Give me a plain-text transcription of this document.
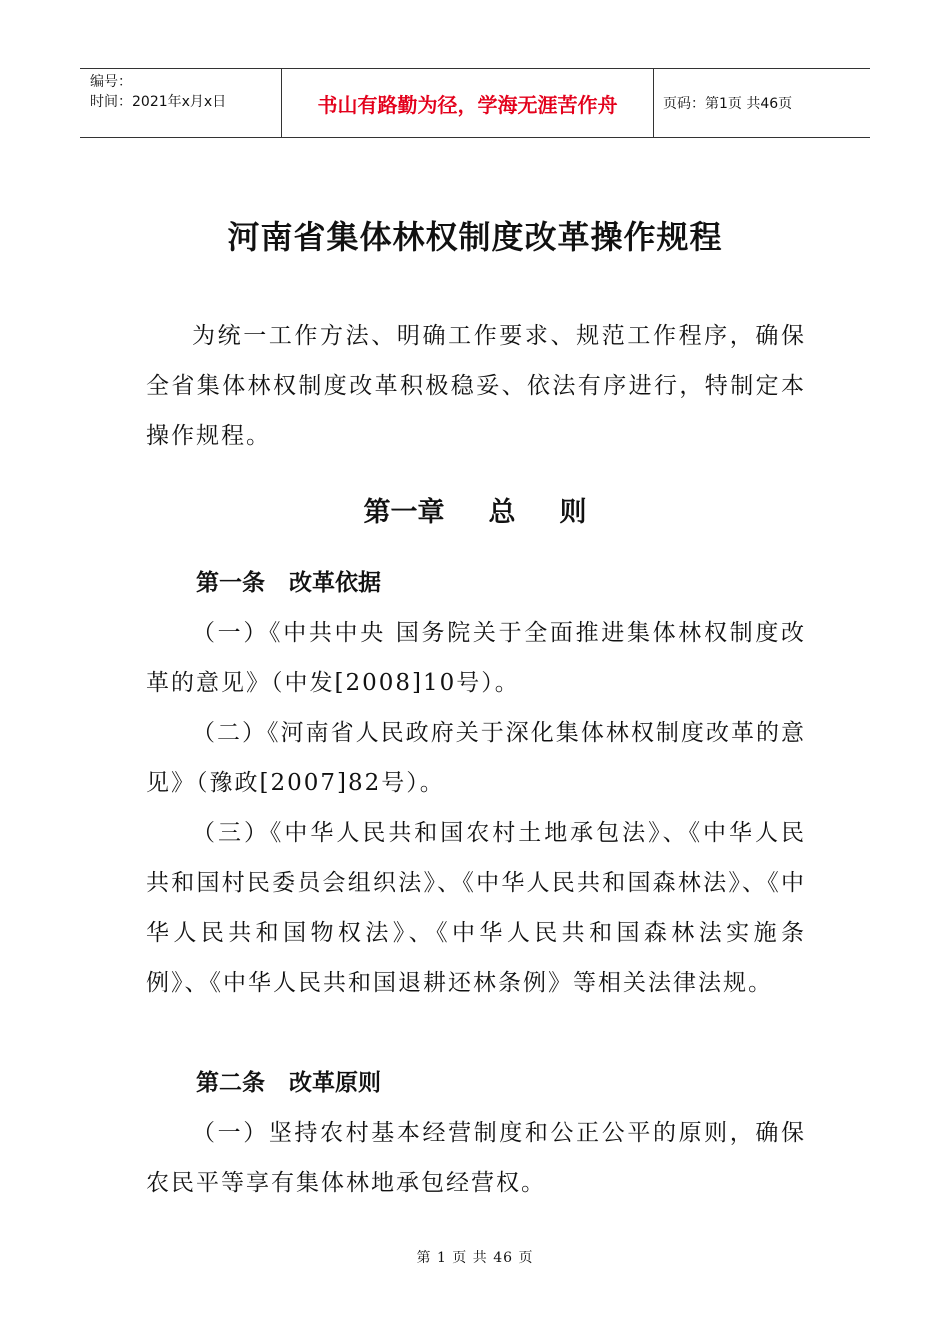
编号：
时间：2021年x月x日	书山有路勤为径，学海无涯苦作舟	页码：第1页 共46页
河南省集体林权制度改革操作规程

为统一工作方法、明确工作要求、规范工作程序，确保全省集体林权制度改革积极稳妥、依法有序进行，特制定本操作规程。

第一章 总 则

第一条 改革依据

（一）《中共中央 国务院关于全面推进集体林权制度改革的意见》（中发[2008]10号）。

（二）《河南省人民政府关于深化集体林权制度改革的意见》（豫政[2007]82号）。

（三）《中华人民共和国农村土地承包法》、《中华人民共和国村民委员会组织法》、《中华人民共和国森林法》、《中华人民共和国物权法》、《中华人民共和国森林法实施条例》、《中华人民共和国退耕还林条例》等相关法律法规。

第二条 改革原则

（一）坚持农村基本经营制度和公正公平的原则，确保农民平等享有集体林地承包经营权。

第 1 页 共 46 页
